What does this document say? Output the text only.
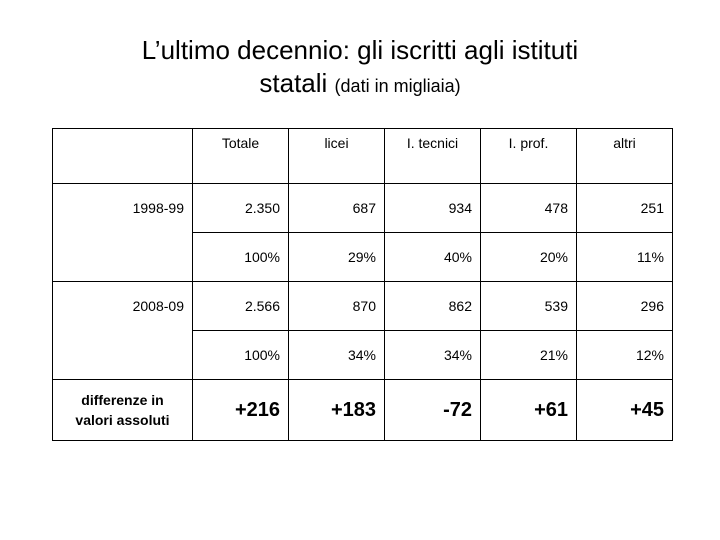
L’ultimo decennio: gli iscritti agli istituti
statali (dati in migliaia)
	Totale	licei	I. tecnici	I. prof.	altri
1998-99	2.350	687	934	478	251
	100%	29%	40%	20%	11%
2008-09	2.566	870	862	539	296
	100%	34%	34%	21%	12%
differenze in valori assoluti	+216	+183	-72	+61	+45
